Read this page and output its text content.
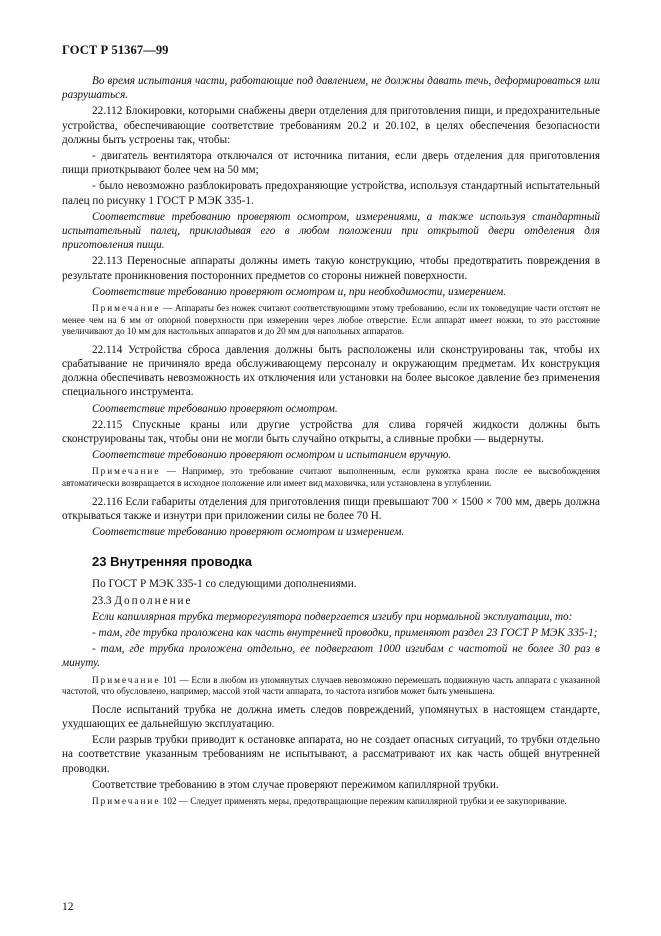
ГОСТ Р 51367—99

Во время испытания части, работающие под давлением, не должны давать течь, деформироваться или разрушаться.

22.112 Блокировки, которыми снабжены двери отделения для приготовления пищи, и предохранительные устройства, обеспечивающие соответствие требованиям 20.2 и 20.102, в целях обеспечения безопасности должны быть устроены так, чтобы:

- двигатель вентилятора отключался от источника питания, если дверь отделения для приготовления пищи приоткрывают более чем на 50 мм;

- было невозможно разблокировать предохраняющие устройства, используя стандартный испытательный палец по рисунку 1 ГОСТ Р МЭК 335-1.

Соответствие требованию проверяют осмотром, измерениями, а также используя стандартный испытательный палец, прикладывая его в любом положении при открытой двери отделения для приготовления пищи.

22.113 Переносные аппараты должны иметь такую конструкцию, чтобы предотвратить повреждения в результате проникновения посторонних предметов со стороны нижней поверхности.

Соответствие требованию проверяют осмотром и, при необходимости, измерением.

Примечание — Аппараты без ножек считают соответствующими этому требованию, если их токоведущие части отстоят не менее чем на 6 мм от опорной поверхности при измерении через любое отверстие. Если аппарат имеет ножки, то это расстояние увеличивают до 10 мм для настольных аппаратов и до 20 мм для напольных аппаратов.

22.114 Устройства сброса давления должны быть расположены или сконструированы так, чтобы их срабатывание не причиняло вреда обслуживающему персоналу и окружающим предметам. Их конструкция должна обеспечивать невозможность их отключения или установки на более высокое давление без применения специального инструмента.

Соответствие требованию проверяют осмотром.

22.115 Спускные краны или другие устройства для слива горячей жидкости должны быть сконструированы так, чтобы они не могли быть случайно открыты, а сливные пробки — выдернуты.

Соответствие требованию проверяют осмотром и испытанием вручную.

Примечание — Например, это требование считают выполненным, если рукоятка крана после ее высвобождения автоматически возвращается в исходное положение или имеет вид маховичка, или установлена в углублении.

22.116 Если габариты отделения для приготовления пищи превышают 700 × 1500 × 700 мм, дверь должна открываться также и изнутри при приложении силы не более 70 Н.

Соответствие требованию проверяют осмотром и измерением.

23 Внутренняя проводка

По ГОСТ Р МЭК 335-1 со следующими дополнениями.

23.3 Дополнение

Если капиллярная трубка терморегулятора подвергается изгибу при нормальной эксплуатации, то:

- там, где трубка проложена как часть внутренней проводки, применяют раздел 23 ГОСТ Р МЭК 335-1;

- там, где трубка проложена отдельно, ее подвергают 1000 изгибам с частотой не более 30 раз в минуту.

Примечание 101 — Если в любом из упомянутых случаев невозможно перемешать подвижную часть аппарата с указанной частотой, что обусловлено, например, массой этой части аппарата, то частота изгибов может быть уменьшена.

После испытаний трубка не должна иметь следов повреждений, упомянутых в настоящем стандарте, ухудшающих ее дальнейшую эксплуатацию.

Если разрыв трубки приводит к остановке аппарата, но не создает опасных ситуаций, то трубки отдельно на соответствие указанным требованиям не испытывают, а рассматривают их как часть общей внутренней проводки.

Соответствие требованию в этом случае проверяют пережимом капиллярной трубки.

Примечание 102 — Следует применять меры, предотвращающие пережим капиллярной трубки и ее закупоривание.

12
